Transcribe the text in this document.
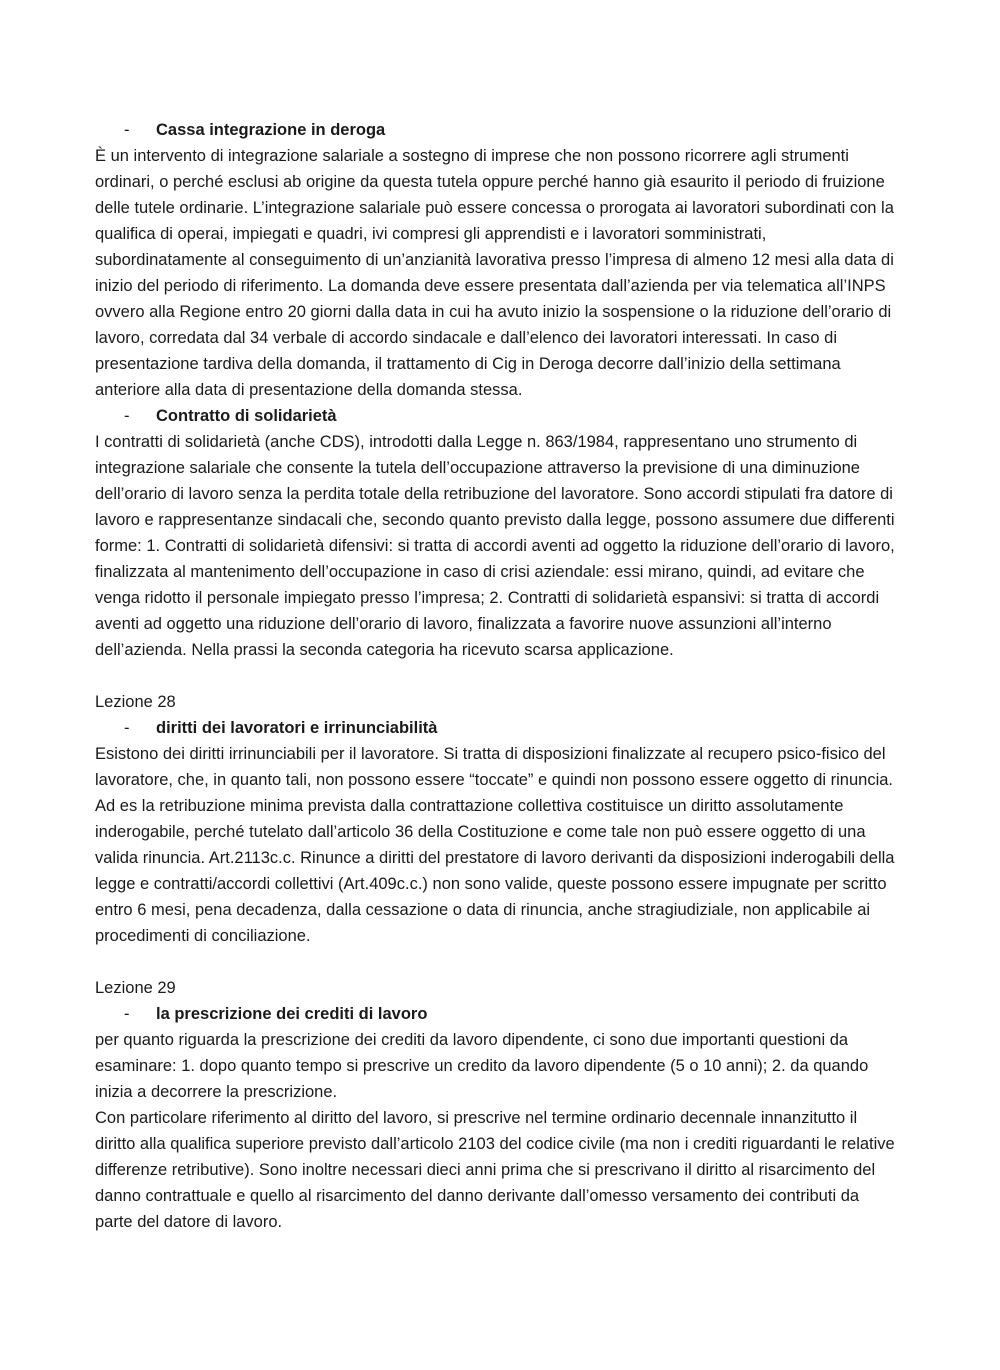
- Cassa integrazione in deroga

È un intervento di integrazione salariale a sostegno di imprese che non possono ricorrere agli strumenti ordinari, o perché esclusi ab origine da questa tutela oppure perché hanno già esaurito il periodo di fruizione delle tutele ordinarie. L’integrazione salariale può essere concessa o prorogata ai lavoratori subordinati con la qualifica di operai, impiegati e quadri, ivi compresi gli apprendisti e i lavoratori somministrati, subordinatamente al conseguimento di un’anzianità lavorativa presso l’impresa di almeno 12 mesi alla data di inizio del periodo di riferimento. La domanda deve essere presentata dall’azienda per via telematica all’INPS ovvero alla Regione entro 20 giorni dalla data in cui ha avuto inizio la sospensione o la riduzione dell’orario di lavoro, corredata dal 34 verbale di accordo sindacale e dall’elenco dei lavoratori interessati. In caso di presentazione tardiva della domanda, il trattamento di Cig in Deroga decorre dall’inizio della settimana anteriore alla data di presentazione della domanda stessa.

- Contratto di solidarietà

I contratti di solidarietà (anche CDS), introdotti dalla Legge n. 863/1984, rappresentano uno strumento di integrazione salariale che consente la tutela dell’occupazione attraverso la previsione di una diminuzione dell’orario di lavoro senza la perdita totale della retribuzione del lavoratore. Sono accordi stipulati fra datore di lavoro e rappresentanze sindacali che, secondo quanto previsto dalla legge, possono assumere due differenti forme: 1. Contratti di solidarietà difensivi: si tratta di accordi aventi ad oggetto la riduzione dell’orario di lavoro, finalizzata al mantenimento dell’occupazione in caso di crisi aziendale: essi mirano, quindi, ad evitare che venga ridotto il personale impiegato presso l’impresa; 2. Contratti di solidarietà espansivi: si tratta di accordi aventi ad oggetto una riduzione dell’orario di lavoro, finalizzata a favorire nuove assunzioni all’interno dell’azienda. Nella prassi la seconda categoria ha ricevuto scarsa applicazione.

Lezione 28
- diritti dei lavoratori e irrinunciabilità

Esistono dei diritti irrinunciabili per il lavoratore. Si tratta di disposizioni finalizzate al recupero psico-fisico del lavoratore, che, in quanto tali, non possono essere “toccate” e quindi non possono essere oggetto di rinuncia. Ad es la retribuzione minima prevista dalla contrattazione collettiva costituisce un diritto assolutamente inderogabile, perché tutelato dall’articolo 36 della Costituzione e come tale non può essere oggetto di una valida rinuncia. Art.2113c.c. Rinunce a diritti del prestatore di lavoro derivanti da disposizioni inderogabili della legge e contratti/accordi collettivi (Art.409c.c.) non sono valide, queste possono essere impugnate per scritto entro 6 mesi, pena decadenza, dalla cessazione o data di rinuncia, anche stragiudiziale, non applicabile ai procedimenti di conciliazione.

Lezione 29
- la prescrizione dei crediti di lavoro

per quanto riguarda la prescrizione dei crediti da lavoro dipendente, ci sono due importanti questioni da esaminare: 1. dopo quanto tempo si prescrive un credito da lavoro dipendente (5 o 10 anni); 2. da quando inizia a decorrere la prescrizione.

Con particolare riferimento al diritto del lavoro, si prescrive nel termine ordinario decennale innanzitutto il diritto alla qualifica superiore previsto dall’articolo 2103 del codice civile (ma non i crediti riguardanti le relative differenze retributive). Sono inoltre necessari dieci anni prima che si prescrivano il diritto al risarcimento del danno contrattuale e quello al risarcimento del danno derivante dall’omesso versamento dei contributi da parte del datore di lavoro.
